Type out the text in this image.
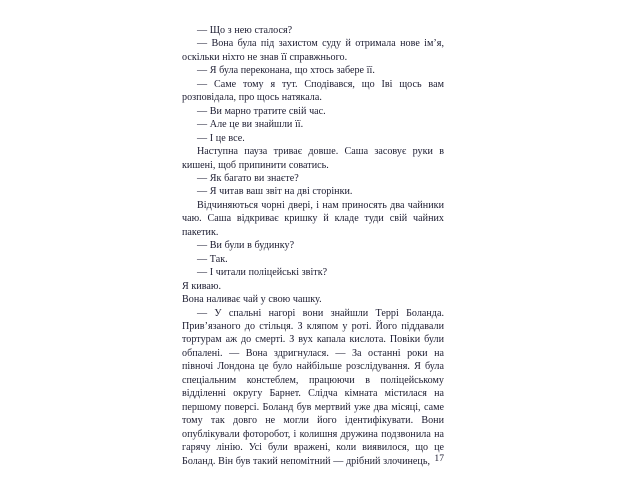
— Що з нею сталося?

— Вона була під захистом суду й отримала нове ім’я, оскільки ніхто не знав її справжнього.

— Я була переконана, що хтось забере її.

— Саме тому я тут. Сподівався, що Іві щось вам розповідала, про щось натякала.

— Ви марно тратите свій час.

— Але це ви знайшли її.

— І це все.

Наступна пауза триває довше. Саша засовує руки в кишені, щоб припинити соватись.

— Як багато ви знаєте?

— Я читав ваш звіт на дві сторінки.

Відчиняються чорні двері, і нам приносять два чайники чаю. Саша відкриває кришку й кладе туди свій чайних пакетик.

— Ви були в будинку?

— Так.

— І читали поліцейські звітк?

Я киваю.

Вона наливає чай у свою чашку.

— У спальні нагорі вони знайшли Террі Боланда. Прив’язаного до стільця. З кляпом у роті. Його піддавали тортурам аж до смерті. З вух капала кислота. Повіки були обпалені. — Вона здригнулася. — За останні роки на півночі Лондона це було найбільше розслідування. Я була спеціальним констеблем, працюючи в поліцейському відділенні округу Барнет. Слідча кімната містилася на першому поверсі. Боланд був мертвий уже два місяці, саме тому так довго не могли його ідентифікувати. Вони опублікували фоторобот, і колишня дружина подзвонила на гарячу лінію. Усі були вражені, коли виявилося, що це Боланд. Він був такий непомітний — дрібний злочинець, 17
